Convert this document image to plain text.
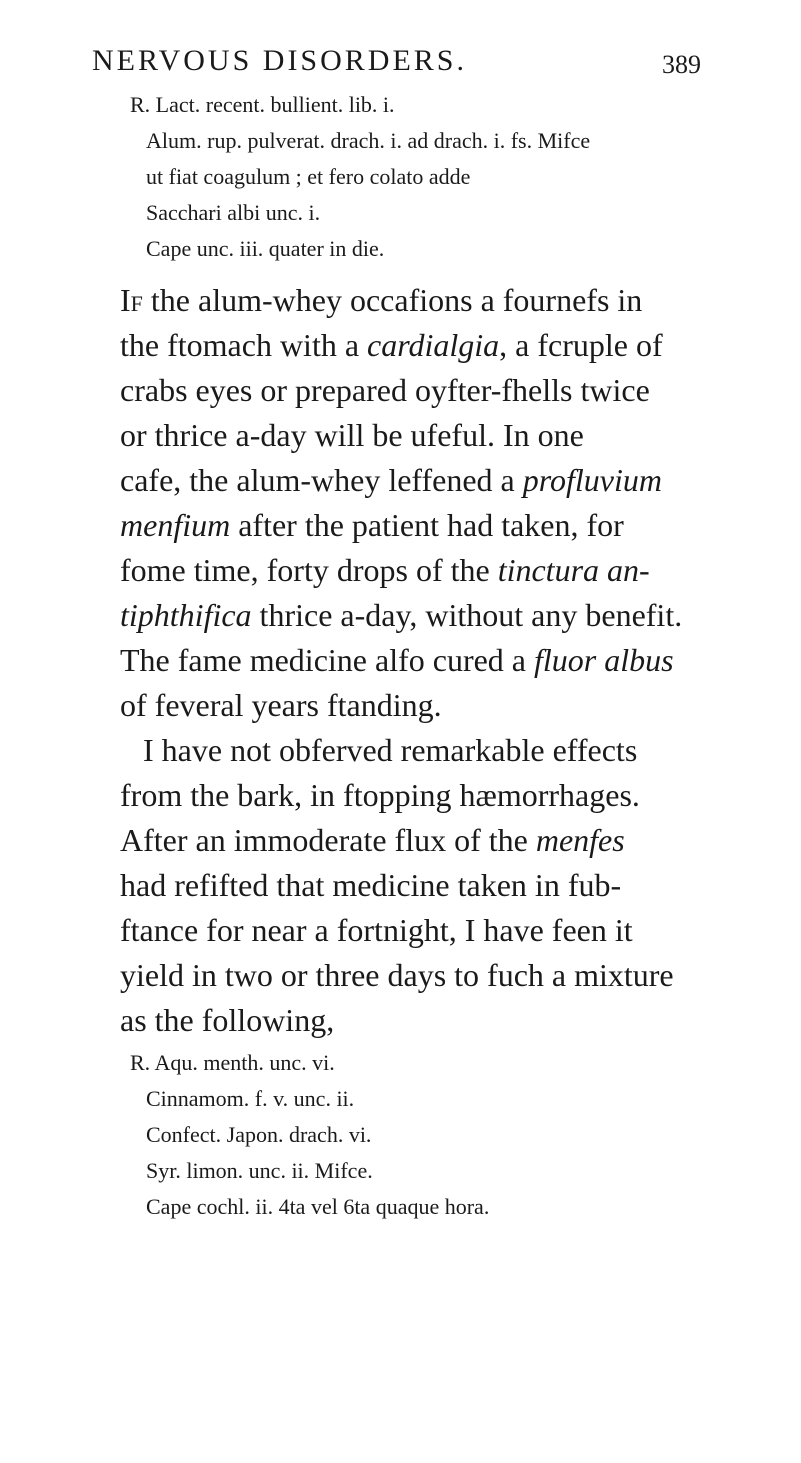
NERVOUS DISORDERS.	389
R. Lact. recent. bullient. lib. i.
Alum. rup. pulverat. drach. i. ad drach. i. fs. Mifce
ut fiat coagulum ; et fero colato adde
Sacchari albi unc. i.
Cape unc. iii. quater in die.
If the alum-whey occafions a fournefs in
the ftomach with a cardialgia, a fcruple of
crabs eyes or prepared oyfter-fhells twice
or thrice a-day will be ufeful. In one
cafe, the alum-whey leffened a profluvium
menfium after the patient had taken, for
fome time, forty drops of the tinctura an-
tiphthifica thrice a-day, without any benefit.
The fame medicine alfo cured a fluor albus
of feveral years ftanding.
I have not obferved remarkable effects
from the bark, in ftopping hæmorrhages.
After an immoderate flux of the menfes
had refifted that medicine taken in fub-
ftance for near a fortnight, I have feen it
yield in two or three days to fuch a mixture
as the following,
R. Aqu. menth. unc. vi.
Cinnamom. f. v. unc. ii.
Confect. Japon. drach. vi.
Syr. limon. unc. ii. Mifce.
Cape cochl. ii. 4ta vel 6ta quaque hora.
